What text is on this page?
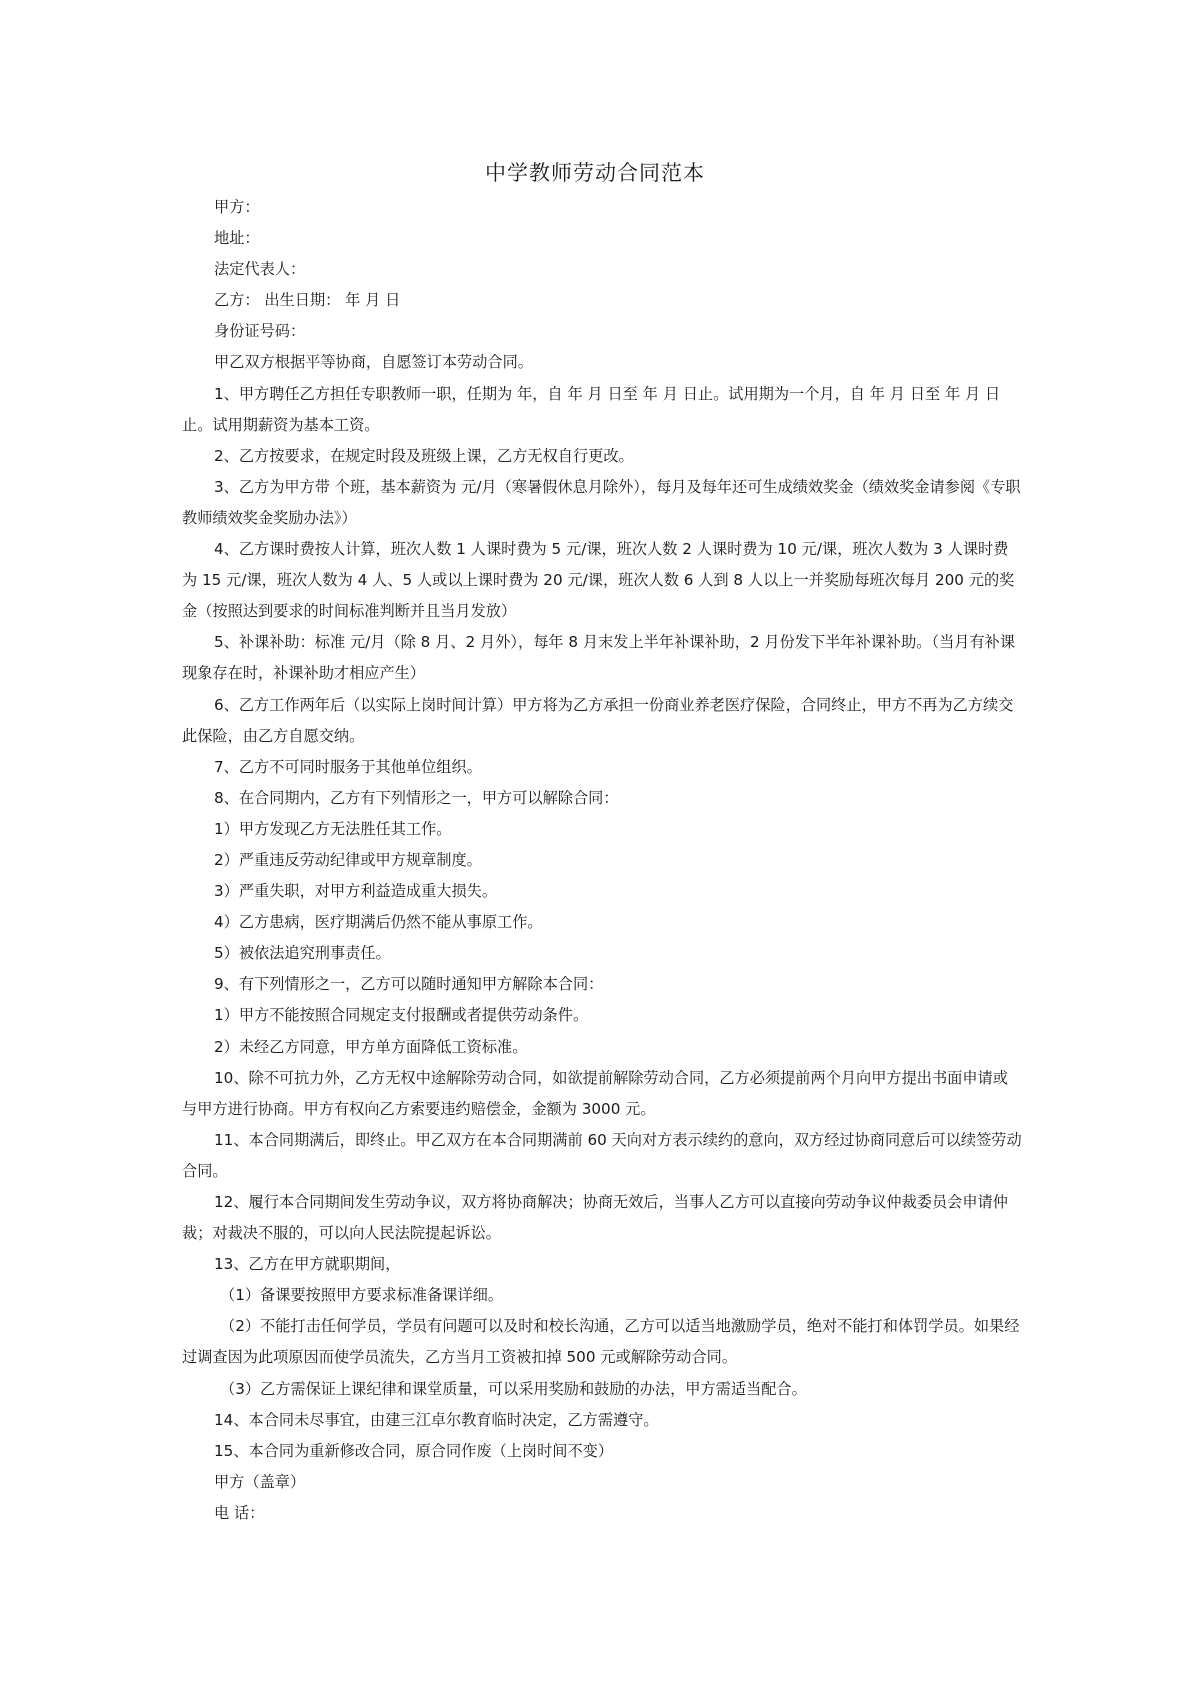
中学教师劳动合同范本

甲方：

地址：

法定代表人：

乙方： 出生日期： 年 月 日

身份证号码：

甲乙双方根据平等协商，自愿签订本劳动合同。

1、甲方聘任乙方担任专职教师一职，任期为 年，自 年 月 日至 年 月 日止。试用期为一个月，自 年 月 日至 年 月 日止。试用期薪资为基本工资。

2、乙方按要求，在规定时段及班级上课，乙方无权自行更改。

3、乙方为甲方带 个班，基本薪资为 元/月（寒暑假休息月除外），每月及每年还可生成绩效奖金（绩效奖金请参阅《专职教师绩效奖金奖励办法》）

4、乙方课时费按人计算，班次人数 1 人课时费为 5 元/课，班次人数 2 人课时费为 10 元/课，班次人数为 3 人课时费为 15 元/课，班次人数为 4 人、5 人或以上课时费为 20 元/课，班次人数 6 人到 8 人以上一并奖励每班次每月 200 元的奖金（按照达到要求的时间标准判断并且当月发放）

5、补课补助：标准 元/月（除 8 月、2 月外），每年 8 月末发上半年补课补助，2 月份发下半年补课补助。（当月有补课现象存在时，补课补助才相应产生）

6、乙方工作两年后（以实际上岗时间计算）甲方将为乙方承担一份商业养老医疗保险，合同终止，甲方不再为乙方续交此保险，由乙方自愿交纳。

7、乙方不可同时服务于其他单位组织。

8、在合同期内，乙方有下列情形之一，甲方可以解除合同：

1）甲方发现乙方无法胜任其工作。

2）严重违反劳动纪律或甲方规章制度。

3）严重失职，对甲方利益造成重大损失。

4）乙方患病，医疗期满后仍然不能从事原工作。

5）被依法追究刑事责任。

9、有下列情形之一，乙方可以随时通知甲方解除本合同：

1）甲方不能按照合同规定支付报酬或者提供劳动条件。

2）未经乙方同意，甲方单方面降低工资标准。

10、除不可抗力外，乙方无权中途解除劳动合同，如欲提前解除劳动合同，乙方必须提前两个月向甲方提出书面申请或与甲方进行协商。甲方有权向乙方索要违约赔偿金，金额为 3000 元。

11、本合同期满后，即终止。甲乙双方在本合同期满前 60 天向对方表示续约的意向，双方经过协商同意后可以续签劳动合同。

12、履行本合同期间发生劳动争议，双方将协商解决；协商无效后，当事人乙方可以直接向劳动争议仲裁委员会申请仲裁；对裁决不服的，可以向人民法院提起诉讼。

13、乙方在甲方就职期间，

（1）备课要按照甲方要求标准备课详细。

（2）不能打击任何学员，学员有问题可以及时和校长沟通，乙方可以适当地激励学员，绝对不能打和体罚学员。如果经过调查因为此项原因而使学员流失，乙方当月工资被扣掉 500 元或解除劳动合同。

（3）乙方需保证上课纪律和课堂质量，可以采用奖励和鼓励的办法，甲方需适当配合。

14、本合同未尽事宜，由建三江卓尔教育临时决定，乙方需遵守。

15、本合同为重新修改合同，原合同作废（上岗时间不变）

甲方（盖章）

电 话：
